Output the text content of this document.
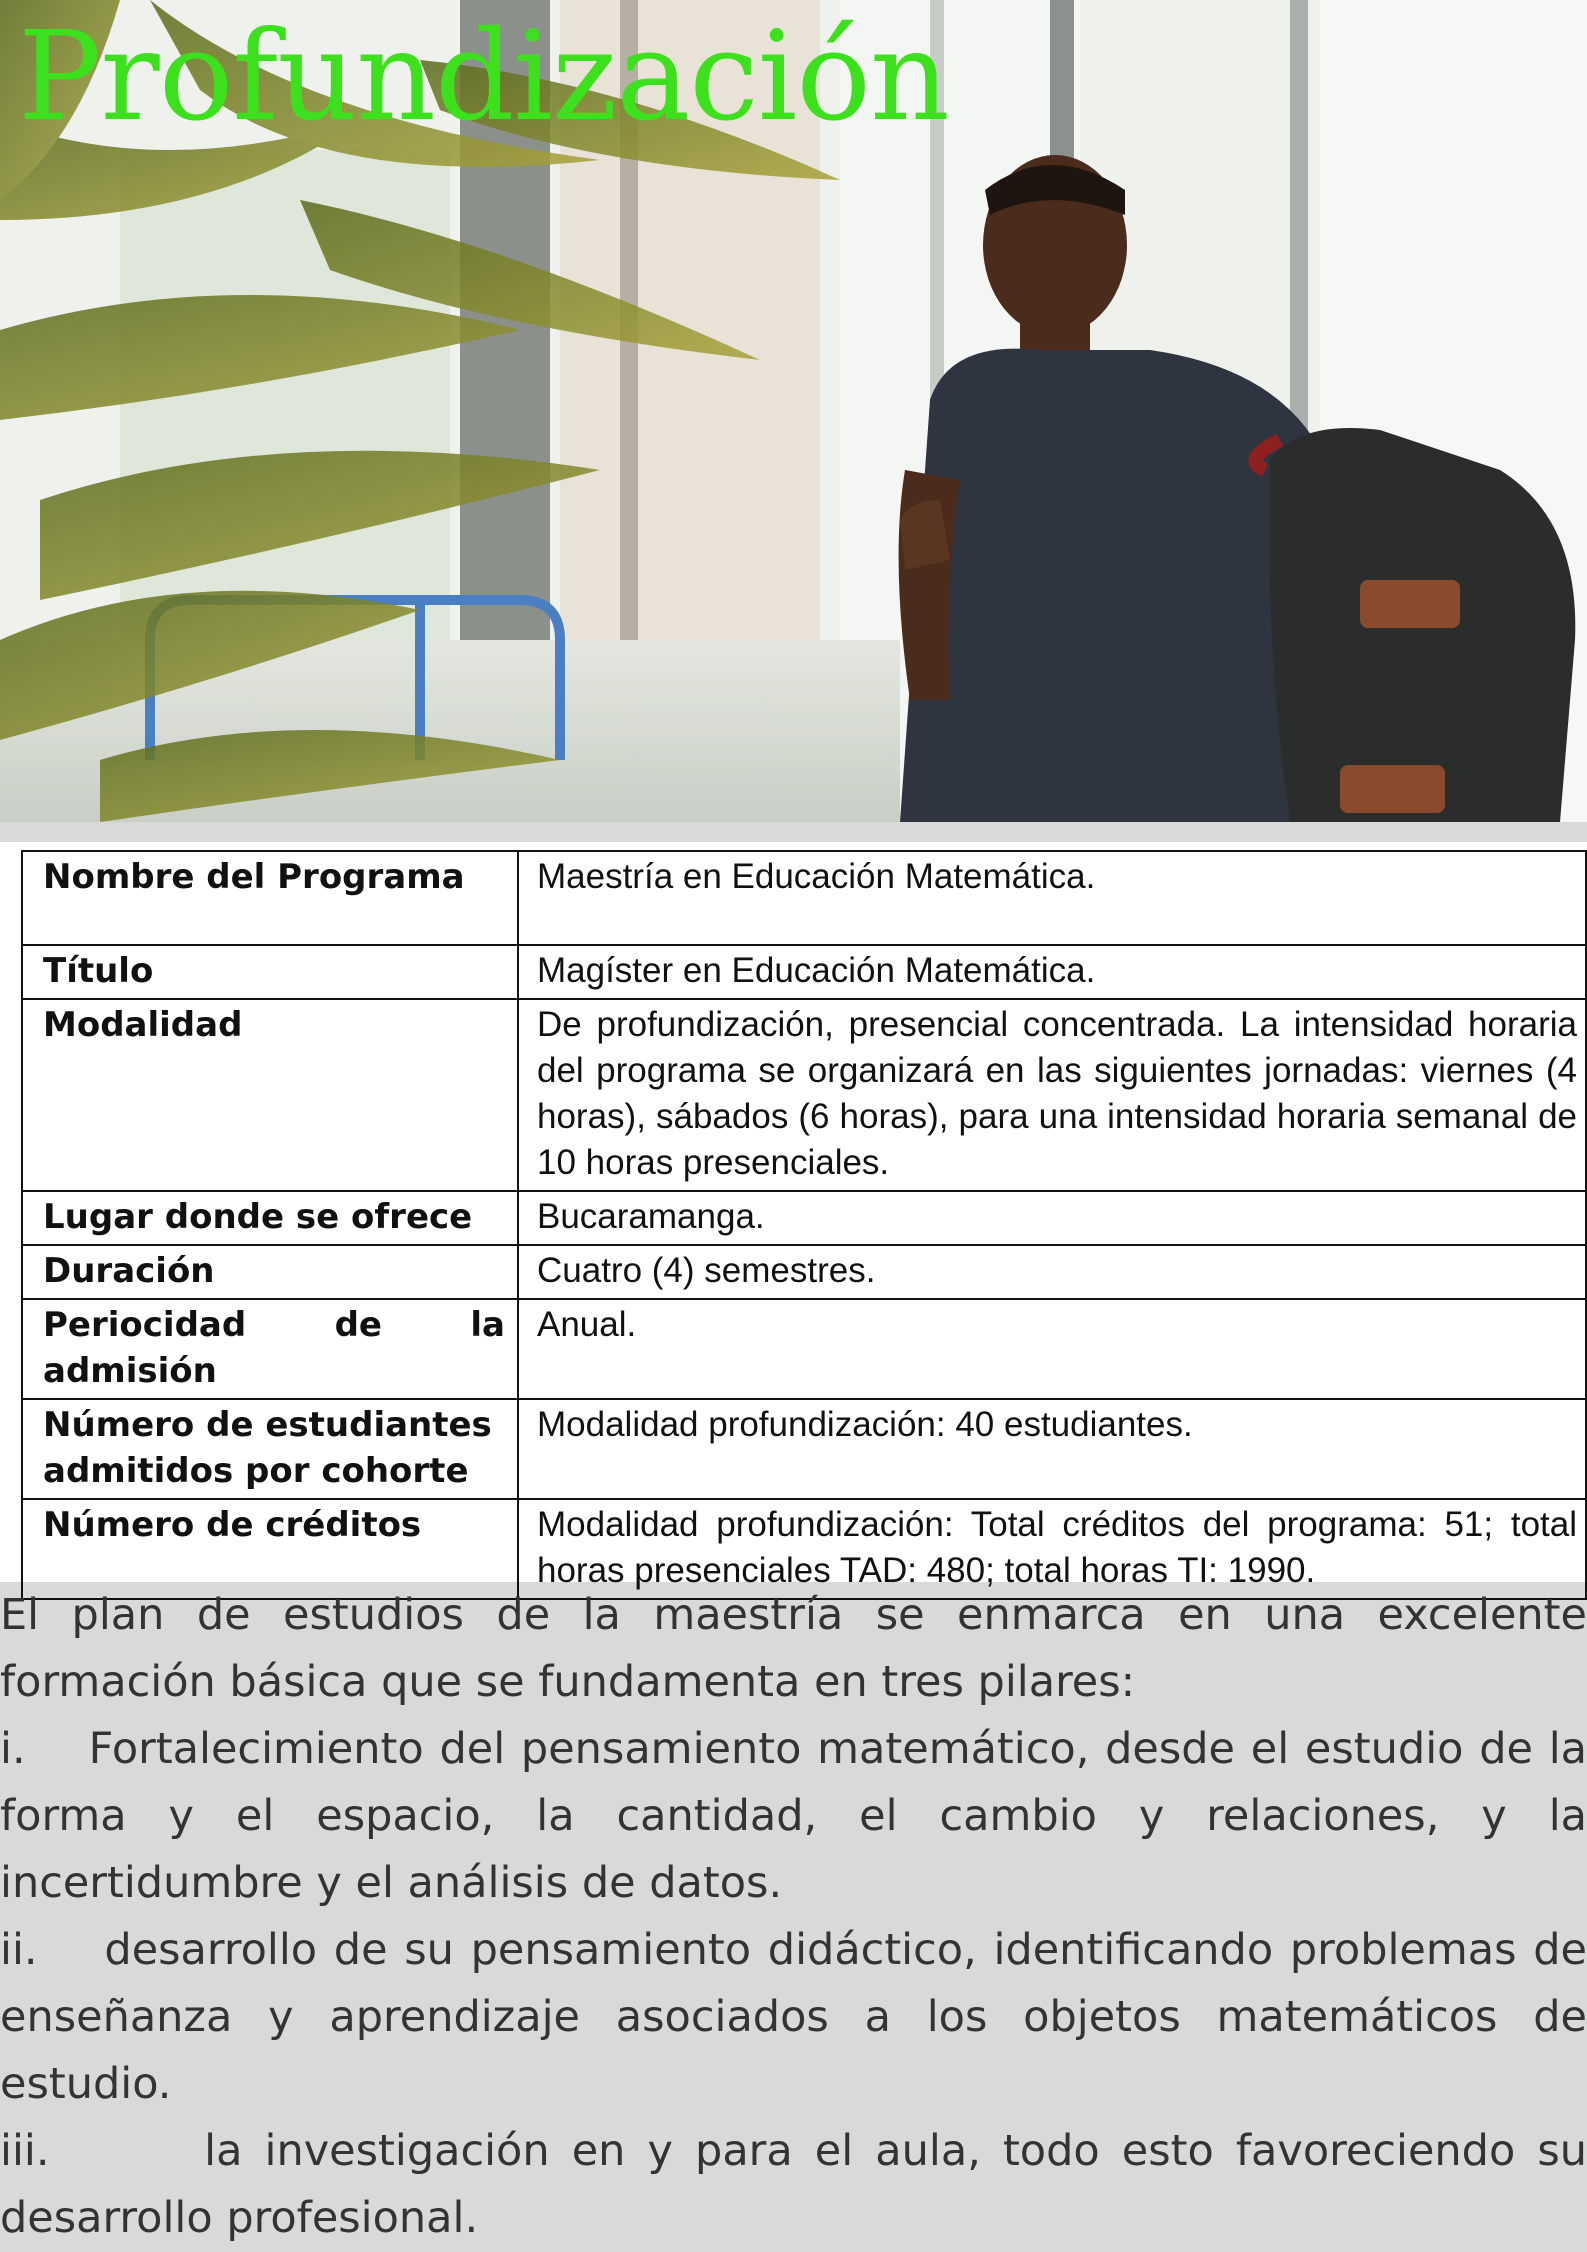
Profundización
Nombre del Programa	Maestría en Educación Matemática.
Título	Magíster en Educación Matemática.
Modalidad	De profundización, presencial concentrada. La intensidad horaria del programa se organizará en las siguientes jornadas: viernes (4 horas), sábados (6 horas), para una intensidad horaria semanal de 10 horas presenciales.
Lugar donde se ofrece	Bucaramanga.
Duración	Cuatro (4) semestres.
Periocidad de la admisión	Anual.
Número de estudiantes admitidos por cohorte	Modalidad profundización: 40 estudiantes.
Número de créditos	Modalidad profundización: Total créditos del programa: 51; total horas presenciales TAD: 480; total horas TI: 1990.

El plan de estudios de la maestría se enmarca en una excelente formación básica que se fundamenta en tres pilares:

i.    Fortalecimiento del pensamiento matemático, desde el estudio de la forma y el espacio, la cantidad, el cambio y relaciones, y la incertidumbre y el análisis de datos.

ii.    desarrollo de su pensamiento didáctico, identificando problemas de enseñanza y aprendizaje asociados a los objetos matemáticos de estudio.

iii.       la investigación en y para el aula, todo esto favoreciendo su desarrollo profesional.
